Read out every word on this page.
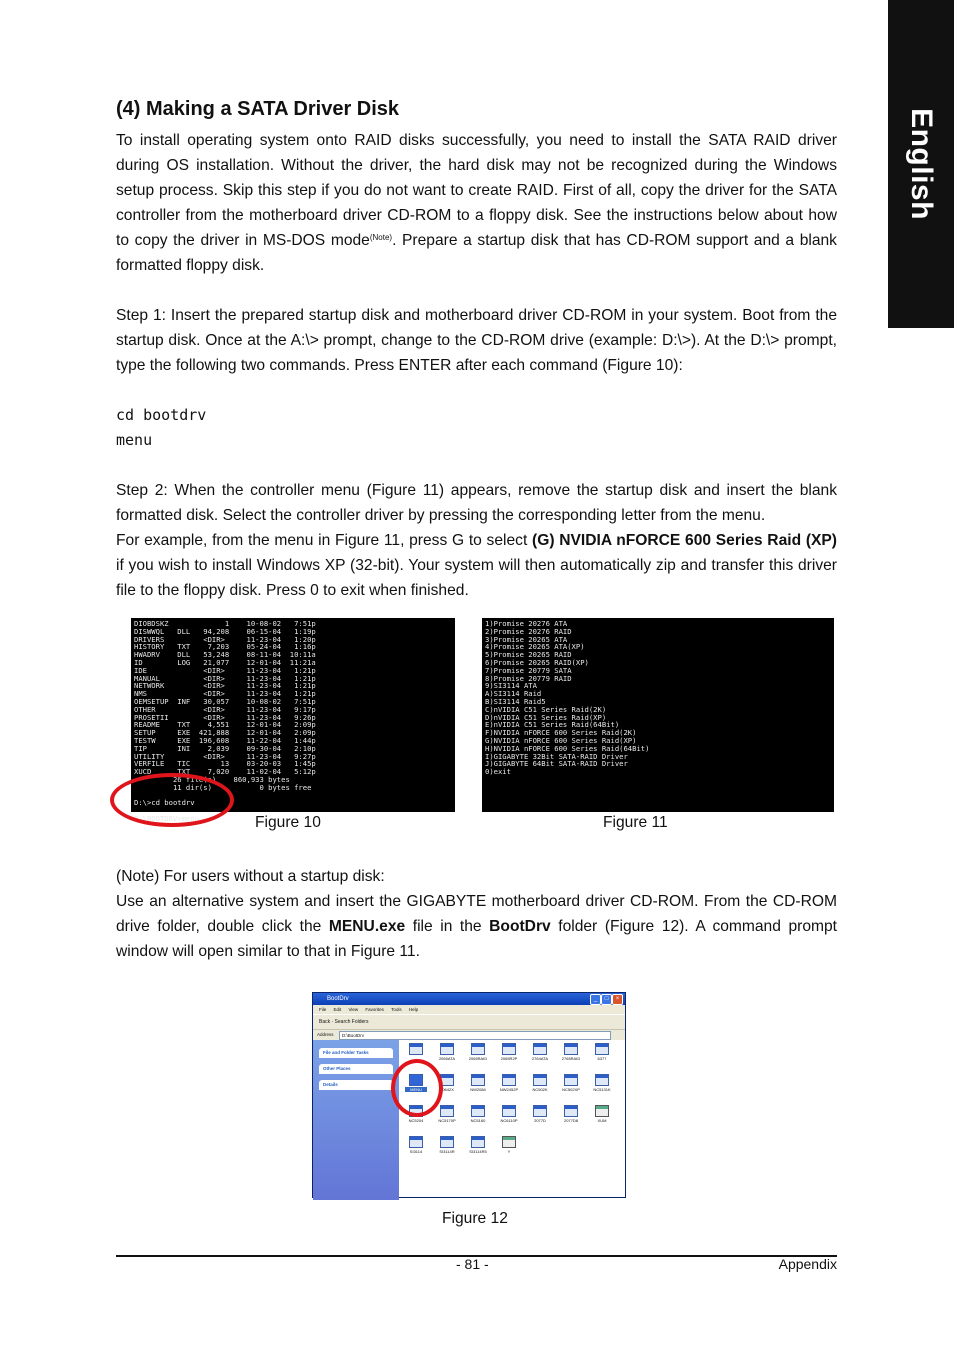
English
(4) Making a SATA Driver Disk
To install operating system onto RAID disks successfully, you need to install the SATA RAID driver during OS installation. Without the driver, the hard disk may not be recognized during the Windows setup process. Skip this step if you do not want to create RAID. First of all, copy the driver for the SATA controller from the motherboard driver CD-ROM to a floppy disk. See the instructions below about how to copy the driver in MS-DOS mode$^{(Note)}$. Prepare a startup disk that has CD-ROM support and a blank formatted floppy disk.
Step 1: Insert the prepared startup disk and motherboard driver CD-ROM in your system. Boot from the startup disk. Once at the A:\> prompt, change to the CD-ROM drive (example: D:\>). At the D:\> prompt, type the following two commands. Press ENTER after each command (Figure 10):
cd bootdrv
menu
Step 2: When the controller menu (Figure 11) appears, remove the startup disk and insert the blank formatted disk. Select the controller driver by pressing the corresponding letter from the menu.
For example, from the menu in Figure 11, press G to select (G) NVIDIA nFORCE 600 Series Raid (XP) if you wish to install Windows XP (32-bit). Your system will then automatically zip and transfer this driver file to the floppy disk. Press 0 to exit when finished.
DIOBDSKZ             1    10-08-02   7:51p
DISWWQL   DLL   94,208    06-15-04   1:19p
DRIVERS         <DIR>     11-23-04   1:20p
HISTORY   TXT    7,203    05-24-04   1:16p
HWADRV    DLL   53,248    08-11-04  10:11a
ID        LOG   21,077    12-01-04  11:21a
IDE             <DIR>     11-23-04   1:21p
MANUAL          <DIR>     11-23-04   1:21p
NETWORK         <DIR>     11-23-04   1:21p
NMS             <DIR>     11-23-04   1:21p
OEMSETUP  INF   30,057    10-08-02   7:51p
OTHER           <DIR>     11-23-04   9:17p
PROSETII        <DIR>     11-23-04   9:26p
README    TXT    4,551    12-01-04   2:09p
SETUP     EXE  421,888    12-01-04   2:09p
TESTW     EXE  196,608    11-22-04   1:44p
TIP       INI    2,039    09-30-04   2:10p
UTILITY         <DIR>     11-23-04   9:27p
VERFILE   TIC       13    03-20-03   1:45p
XUCD      TXT    7,020    11-02-04   5:12p
26 file(s)    860,933 bytes
11 dir(s)           0 bytes free
D:\>cd bootdrv
D:\BOOTDRV>menu	Figure 10
1)Promise 20276 ATA
2)Promise 20276 RAID
3)Promise 20265 ATA
4)Promise 20265 ATA(XP)
5)Promise 20265 RAID
6)Promise 20265 RAID(XP)
7)Promise 20779 SATA
8)Promise 20779 RAID
9)SI3114 ATA
A)SI3114 Raid
B)SI3114 Raid5
C)nVIDIA C51 Series Raid(2K)
D)nVIDIA C51 Series Raid(XP)
E)nVIDIA C51 Series Raid(64Bit)
F)NVIDIA nFORCE 600 Series Raid(2K)
G)NVIDIA nFORCE 600 Series Raid(XP)
H)NVIDIA nFORCE 600 Series Raid(64Bit)
I)GIGABYTE 32Bit SATA-RAID Driver
J)GIGABYTE 64Bit SATA-RAID Driver
0)exit
Figure 11
(Note) For users without a startup disk:
Use an alternative system and insert the GIGABYTE motherboard driver CD-ROM. From the CD-ROM drive folder, double click the MENU.exe file in the BootDrv folder (Figure 12). A command prompt window will open similar to that in Figure 11.
BootDrv	_	□	×
File Edit View Favorites Tools Help
Back · Search Folders
Address	D:\BootDrv
File and Folder Tasks
Other Places
Details
2065ATA	2065RAID	2065R2P	2764ATA	2765RAID	6377
MENU	20642X	NW2084	NW2452P	NC502K	NC502XP	NC5131K
NC5204	NC5170P	NC5160	NC6110P	2077D	2077D8	XUM
SI3114	SI3114R	SI3114R5	Y
Figure 12
- 81 -	Appendix
